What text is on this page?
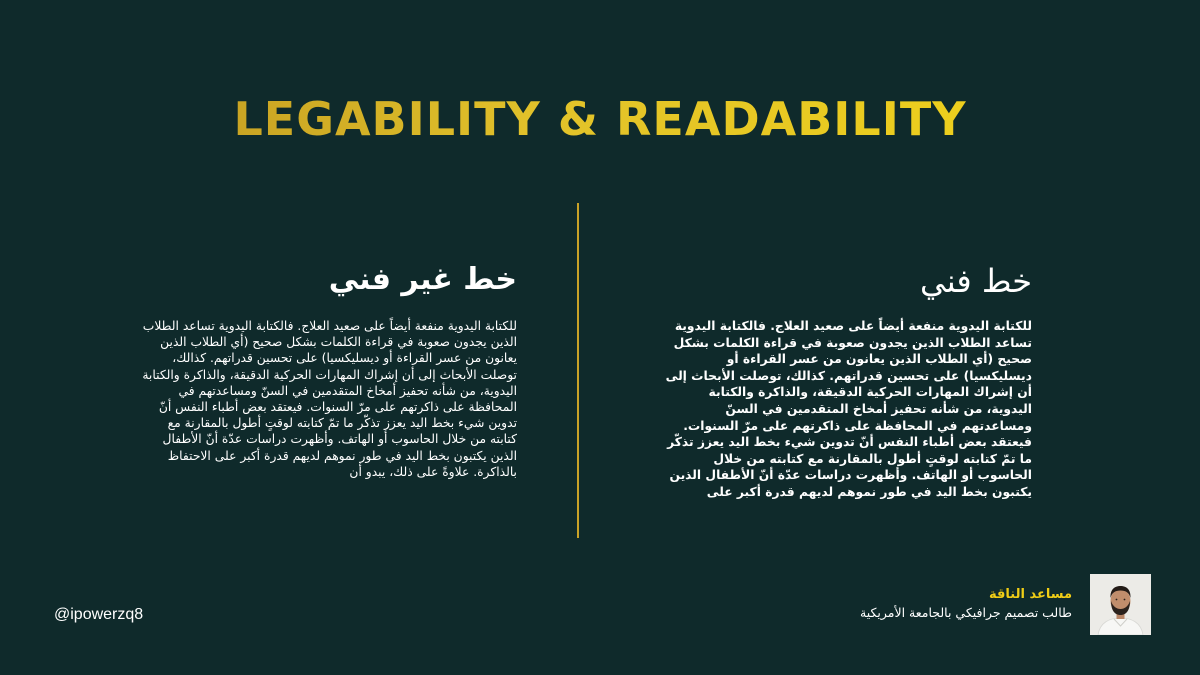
LEGABILITY & READABILITY
خط غير فني

للكتابة اليدوية منفعة أيضاً على صعيد العلاج. فالكتابة اليدوية تساعد الطلاب الذين يجدون صعوبة في قراءة الكلمات بشكل صحيح (أي الطلاب الذين يعانون من عسر القراءة أو ديسليكسيا) على تحسين قدراتهم. كذالك، توصلت الأبحاث إلى أن إشراك المهارات الحركية الدقيقة، والذاكرة والكتابة اليدوية، من شأنه تحفيز أمخاخ المتقدمين في السنّ ومساعدتهم في المحافظة على ذاكرتهم على مرّ السنوات. فيعتقد بعض أطباء النفس أنّ تدوين شيء بخط اليد يعزز تذكّر ما تمّ كتابته لوقتٍ أطول بالمقارنة مع كتابته من خلال الحاسوب أو الهاتف. وأظهرت دراسات عدّة أنّ الأطفال الذين يكتبون بخط اليد في طور نموهم لديهم قدرة أكبر على الاحتفاظ بالذاكرة. علاوةً على ذلك، يبدو أن

خط فني

للكتابة اليدوية منفعة أيضاً على صعيد العلاج. فالكتابة اليدوية تساعد الطلاب الذين يجدون صعوبة في قراءة الكلمات بشكل صحيح (أي الطلاب الذين يعانون من عسر القراءة أو ديسليكسيا) على تحسين قدراتهم. كذالك، توصلت الأبحاث إلى أن إشراك المهارات الحركية الدقيقة، والذاكرة والكتابة اليدوية، من شأنه تحفيز أمخاخ المتقدمين في السنّ ومساعدتهم في المحافظة على ذاكرتهم على مرّ السنوات. فيعتقد بعض أطباء النفس أنّ تدوين شيء بخط اليد يعزز تذكّر ما تمّ كتابته لوقتٍ أطول بالمقارنة مع كتابته من خلال الحاسوب أو الهاتف. وأظهرت دراسات عدّة أنّ الأطفال الذين يكتبون بخط اليد في طور نموهم لديهم قدرة أكبر على

@ipowerzq8
مساعد الناقة
طالب تصميم جرافيكي بالجامعة الأمريكية
